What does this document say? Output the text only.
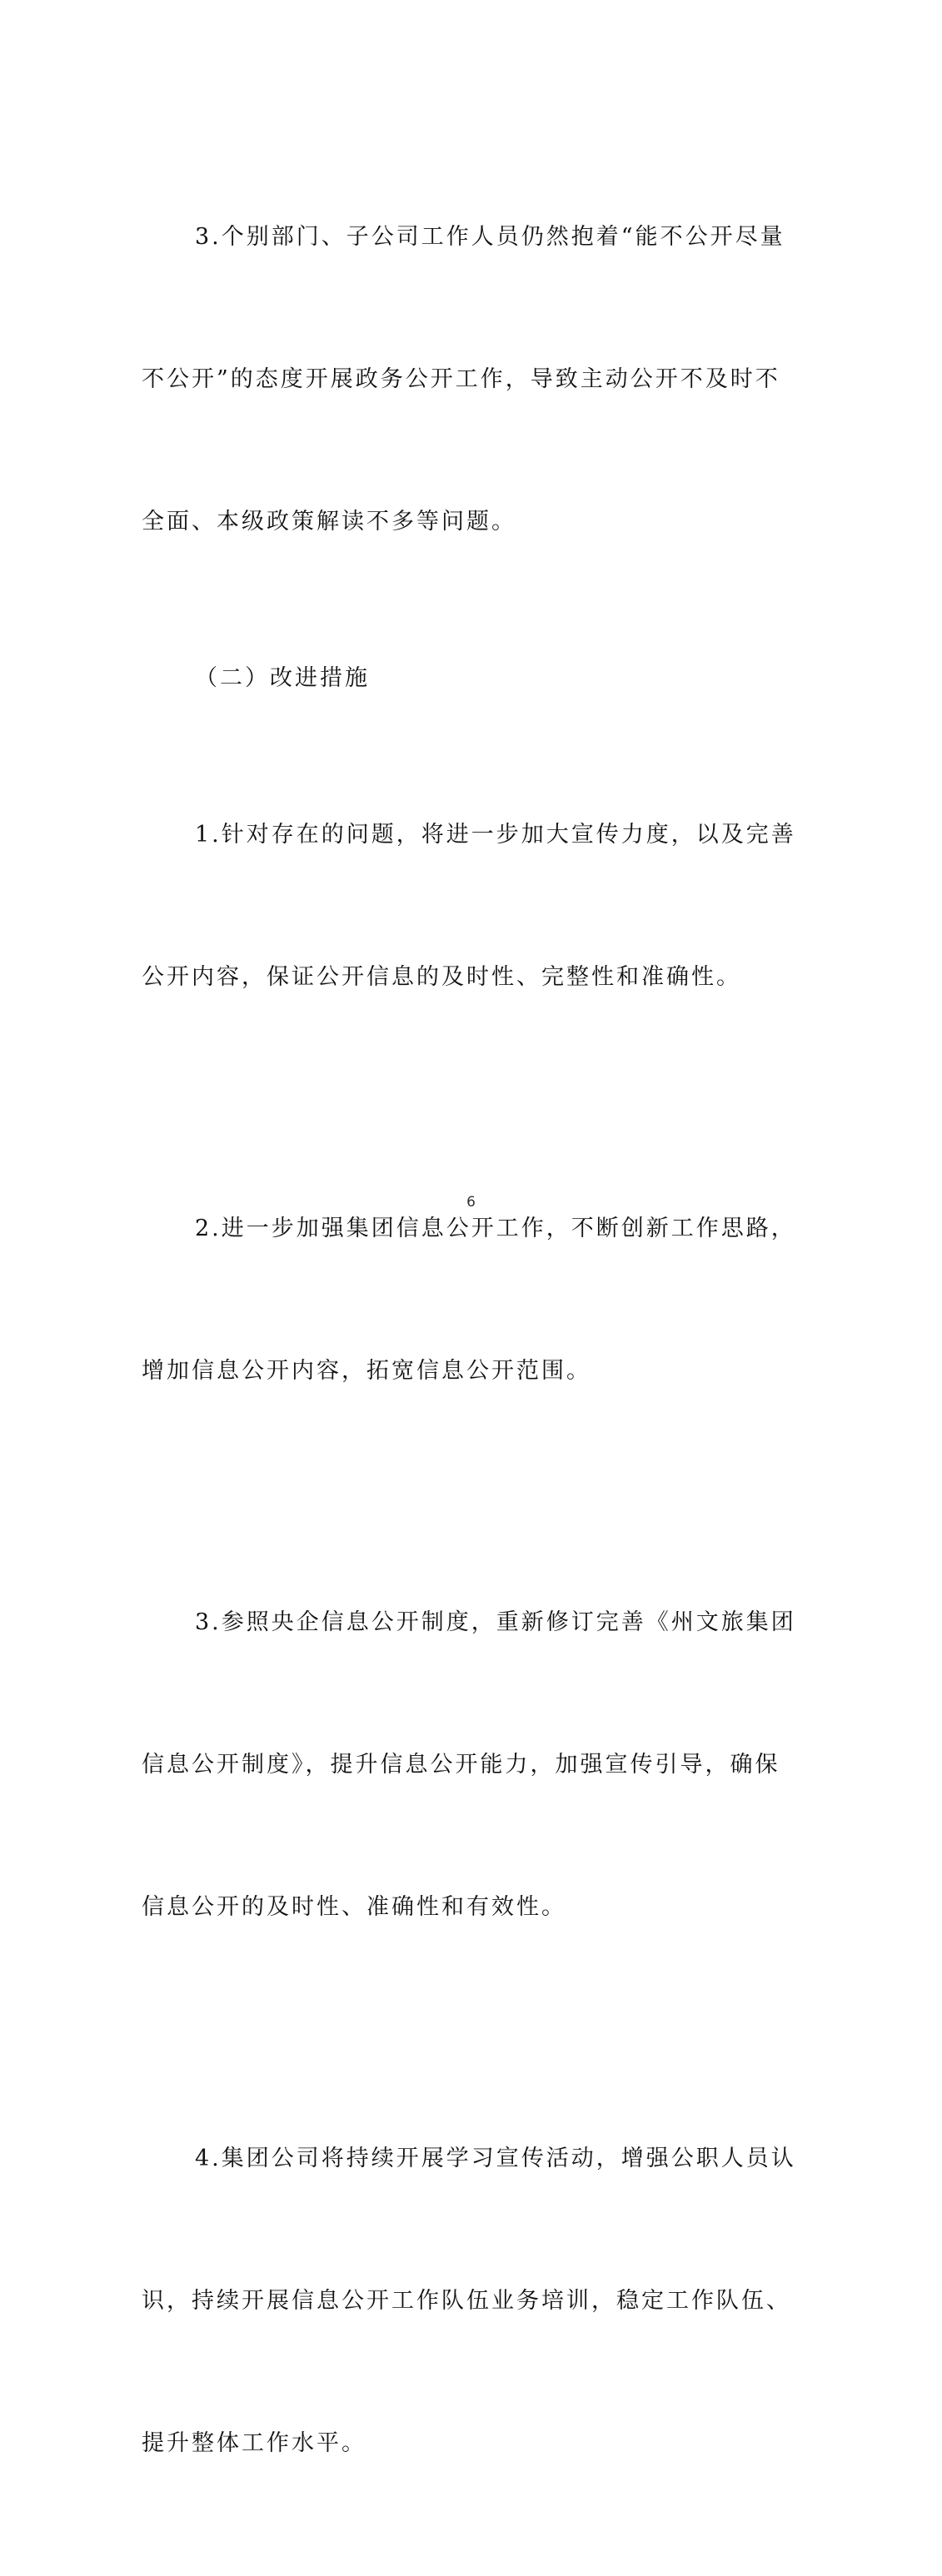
3.个别部门、子公司工作人员仍然抱着“能不公开尽量

不公开”的态度开展政务公开工作，导致主动公开不及时不

全面、本级政策解读不多等问题。

（二）改进措施

1.针对存在的问题，将进一步加大宣传力度，以及完善

公开内容，保证公开信息的及时性、完整性和准确性。

2.进一步加强集团信息公开工作，不断创新工作思路，

增加信息公开内容，拓宽信息公开范围。

3.参照央企信息公开制度，重新修订完善《州文旅集团

信息公开制度》，提升信息公开能力，加强宣传引导，确保

信息公开的及时性、准确性和有效性。

4.集团公司将持续开展学习宣传活动，增强公职人员认

识，持续开展信息公开工作队伍业务培训，稳定工作队伍、

提升整体工作水平。

6
